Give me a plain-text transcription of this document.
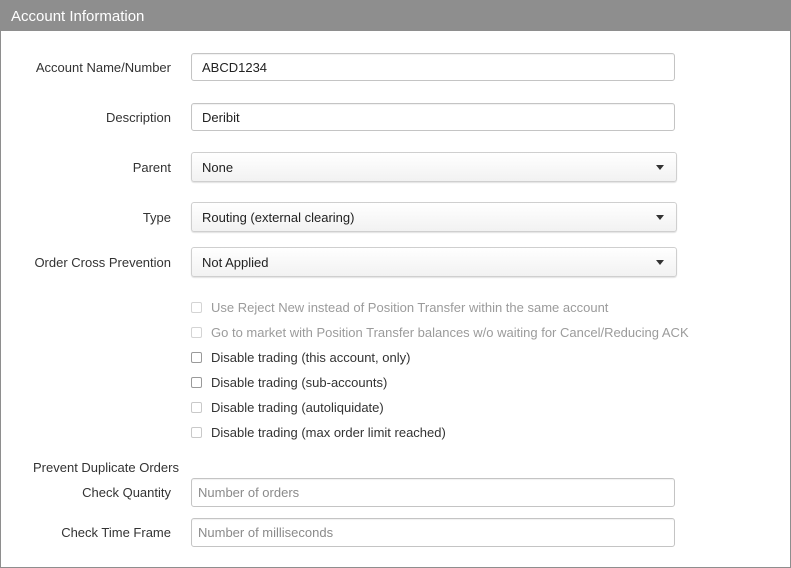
Account Information
Account Name/Number ABCD1234
Description Deribit
Parent None
Type Routing (external clearing)
Order Cross Prevention Not Applied
Use Reject New instead of Position Transfer within the same account
Go to market with Position Transfer balances w/o waiting for Cancel/Reducing ACK
Disable trading (this account, only)
Disable trading (sub-accounts)
Disable trading (autoliquidate)
Disable trading (max order limit reached)
Prevent Duplicate Orders
Check Quantity
Number of orders
Check Time Frame
Number of milliseconds
